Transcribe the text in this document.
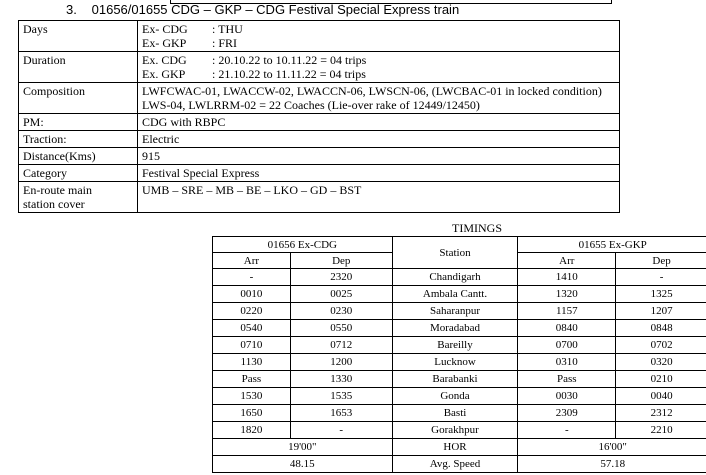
3. 01656/01655 CDG – GKP – CDG Festival Special Express train
Days	Ex- CDG : THU
Ex- GKP : FRI

Duration	Ex. CDG : 20.10.22 to 10.11.22 = 04 trips
Ex. GKP : 21.10.22 to 11.11.22 = 04 trips

Composition	LWFCWAC-01, LWACCW-02, LWACCN-06, LWSCN-06, (LWCBAC-01 in locked condition)
LWS-04, LWLRRM-02 = 22 Coaches (Lie-over rake of 12449/12450)

PM:	CDG with RBPC
Traction:	Electric
Distance(Kms)	915
Category	Festival Special Express

En-route main
station cover	UMB – SRE – MB – BE – LKO – GD – BST
TIMINGS
01656 Ex-CDG		Station	01655 Ex-GKP	
Arr	Dep		Arr	Dep
-	2320	Chandigarh	1410	-
0010	0025	Ambala Cantt.	1320	1325
0220	0230	Saharanpur	1157	1207
0540	0550	Moradabad	0840	0848
0710	0712	Bareilly	0700	0702
1130	1200	Lucknow	0310	0320
Pass	1330	Barabanki	Pass	0210
1530	1535	Gonda	0030	0040
1650	1653	Basti	2309	2312
1820	-	Gorakhpur	-	2210
19'00"		HOR	16'00"	
48.15		Avg. Speed	57.18	
